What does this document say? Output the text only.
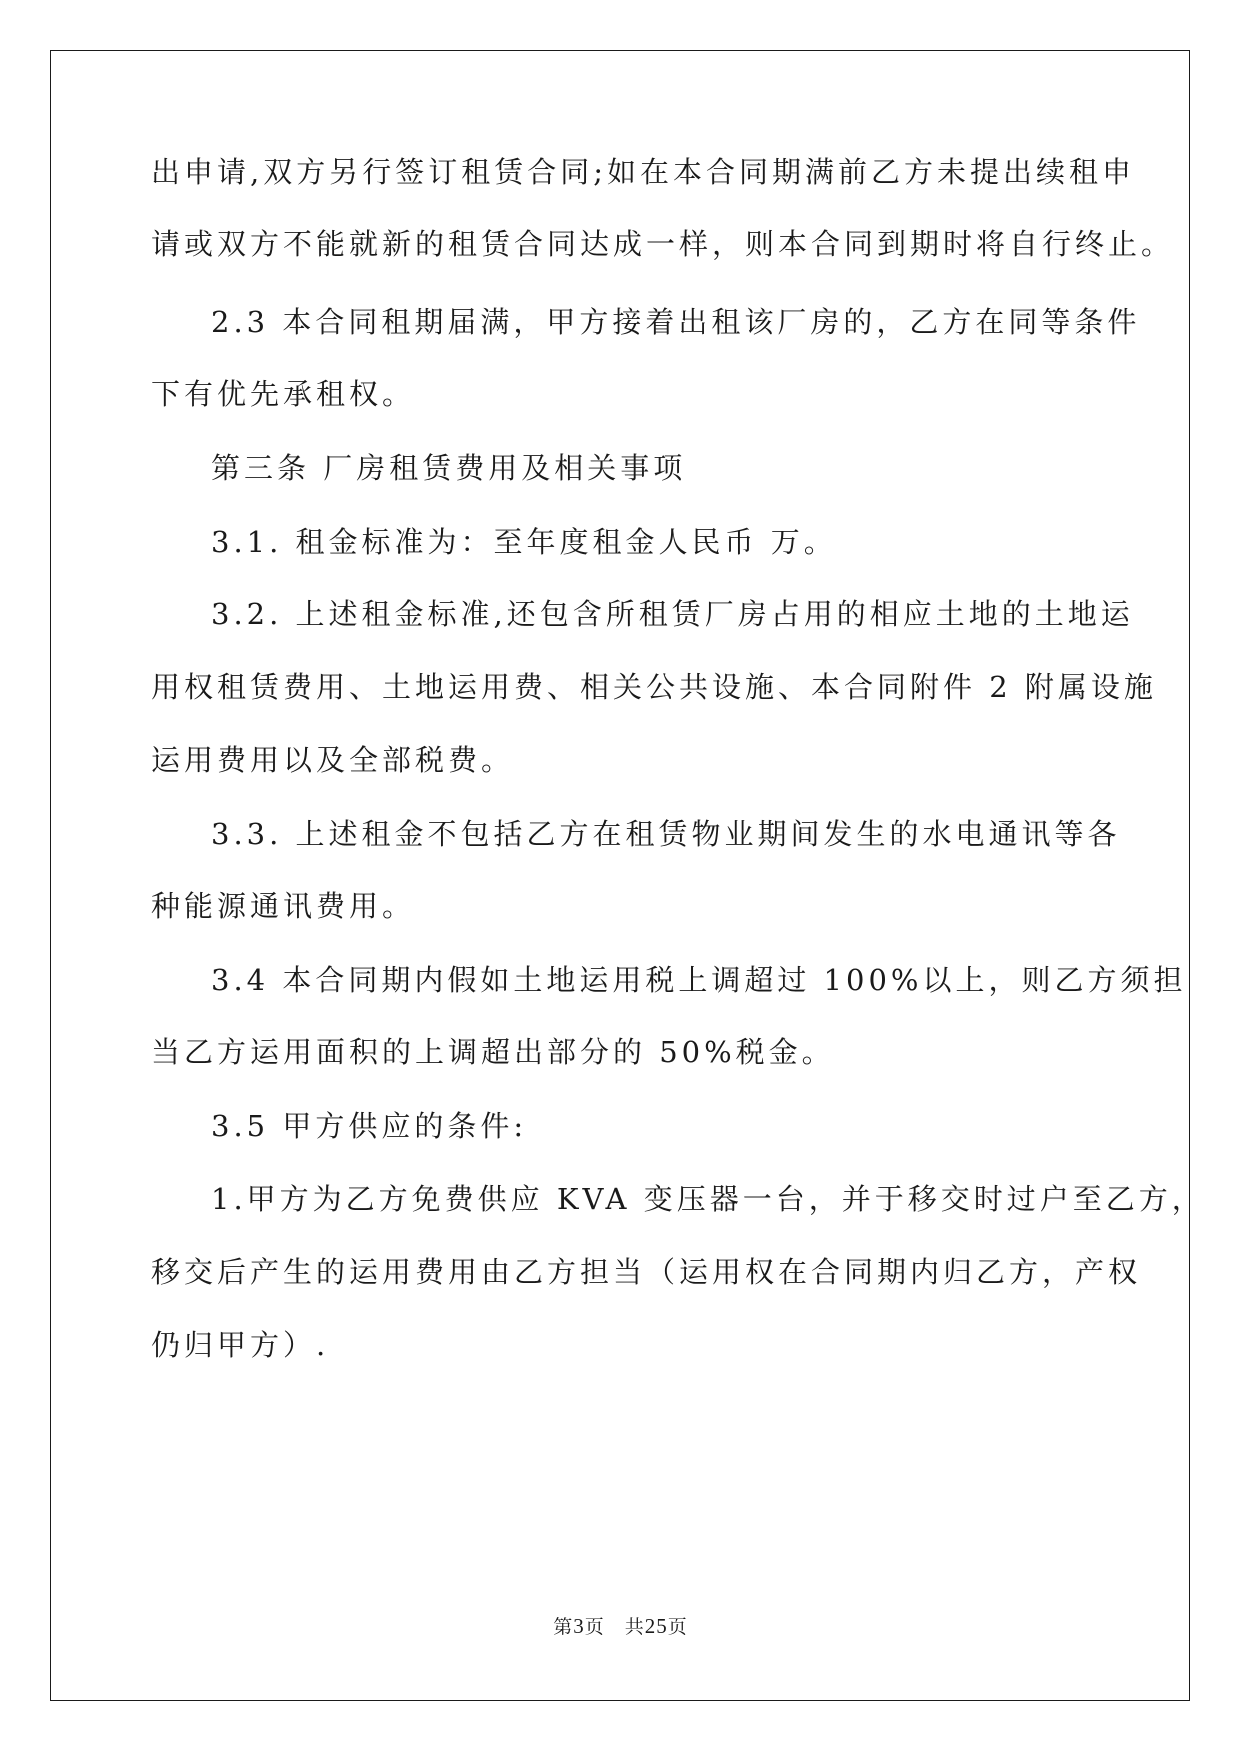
出申请,双方另行签订租赁合同;如在本合同期满前乙方未提出续租申
请或双方不能就新的租赁合同达成一样，则本合同到期时将自行终止。
2.3 本合同租期届满，甲方接着出租该厂房的，乙方在同等条件
下有优先承租权。
第三条 厂房租赁费用及相关事项
3.1. 租金标准为：至年度租金人民币 万。
3.2. 上述租金标准,还包含所租赁厂房占用的相应土地的土地运
用权租赁费用、土地运用费、相关公共设施、本合同附件 2 附属设施
运用费用以及全部税费。
3.3. 上述租金不包括乙方在租赁物业期间发生的水电通讯等各
种能源通讯费用。
3.4 本合同期内假如土地运用税上调超过 100%以上，则乙方须担
当乙方运用面积的上调超出部分的 50%税金。
3.5 甲方供应的条件:
1.甲方为乙方免费供应 KVA 变压器一台，并于移交时过户至乙方，
移交后产生的运用费用由乙方担当（运用权在合同期内归乙方，产权
仍归甲方）.
第3页　共25页
